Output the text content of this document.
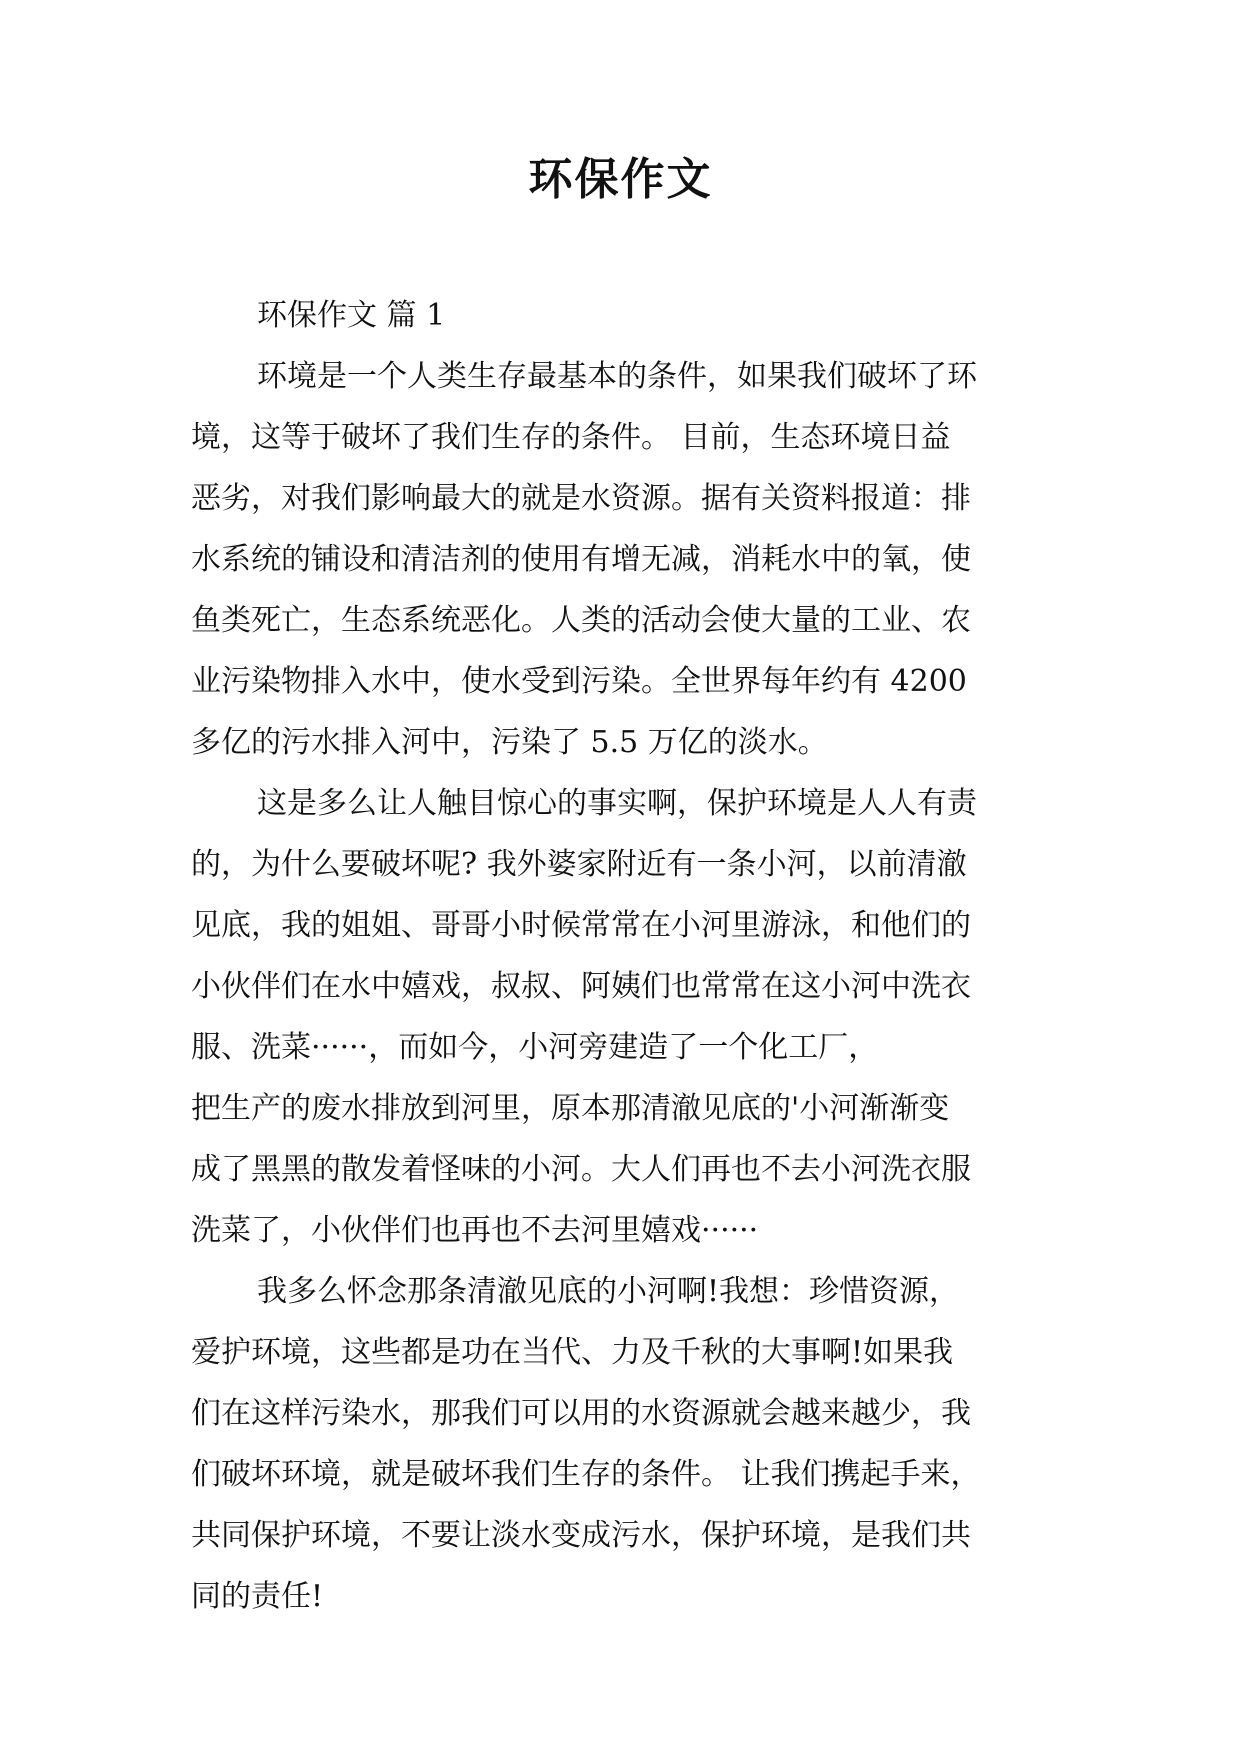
环保作文
环保作文 篇 1
环境是一个人类生存最基本的条件，如果我们破坏了环
境，这等于破坏了我们生存的条件。 目前，生态环境日益
恶劣，对我们影响最大的就是水资源。据有关资料报道：排
水系统的铺设和清洁剂的使用有增无减，消耗水中的氧，使
鱼类死亡，生态系统恶化。人类的活动会使大量的工业、农
业污染物排入水中，使水受到污染。全世界每年约有 4200
多亿的污水排入河中，污染了 5.5 万亿的淡水。
这是多么让人触目惊心的事实啊，保护环境是人人有责
的，为什么要破坏呢? 我外婆家附近有一条小河，以前清澈
见底，我的姐姐、哥哥小时候常常在小河里游泳，和他们的
小伙伴们在水中嬉戏，叔叔、阿姨们也常常在这小河中洗衣
服、洗菜······，而如今，小河旁建造了一个化工厂，
把生产的废水排放到河里，原本那清澈见底的'小河渐渐变
成了黑黑的散发着怪味的小河。大人们再也不去小河洗衣服
洗菜了，小伙伴们也再也不去河里嬉戏······
我多么怀念那条清澈见底的小河啊!我想：珍惜资源，
爱护环境，这些都是功在当代、力及千秋的大事啊!如果我
们在这样污染水，那我们可以用的水资源就会越来越少，我
们破坏环境，就是破坏我们生存的条件。 让我们携起手来，
共同保护环境，不要让淡水变成污水，保护环境，是我们共
同的责任!
